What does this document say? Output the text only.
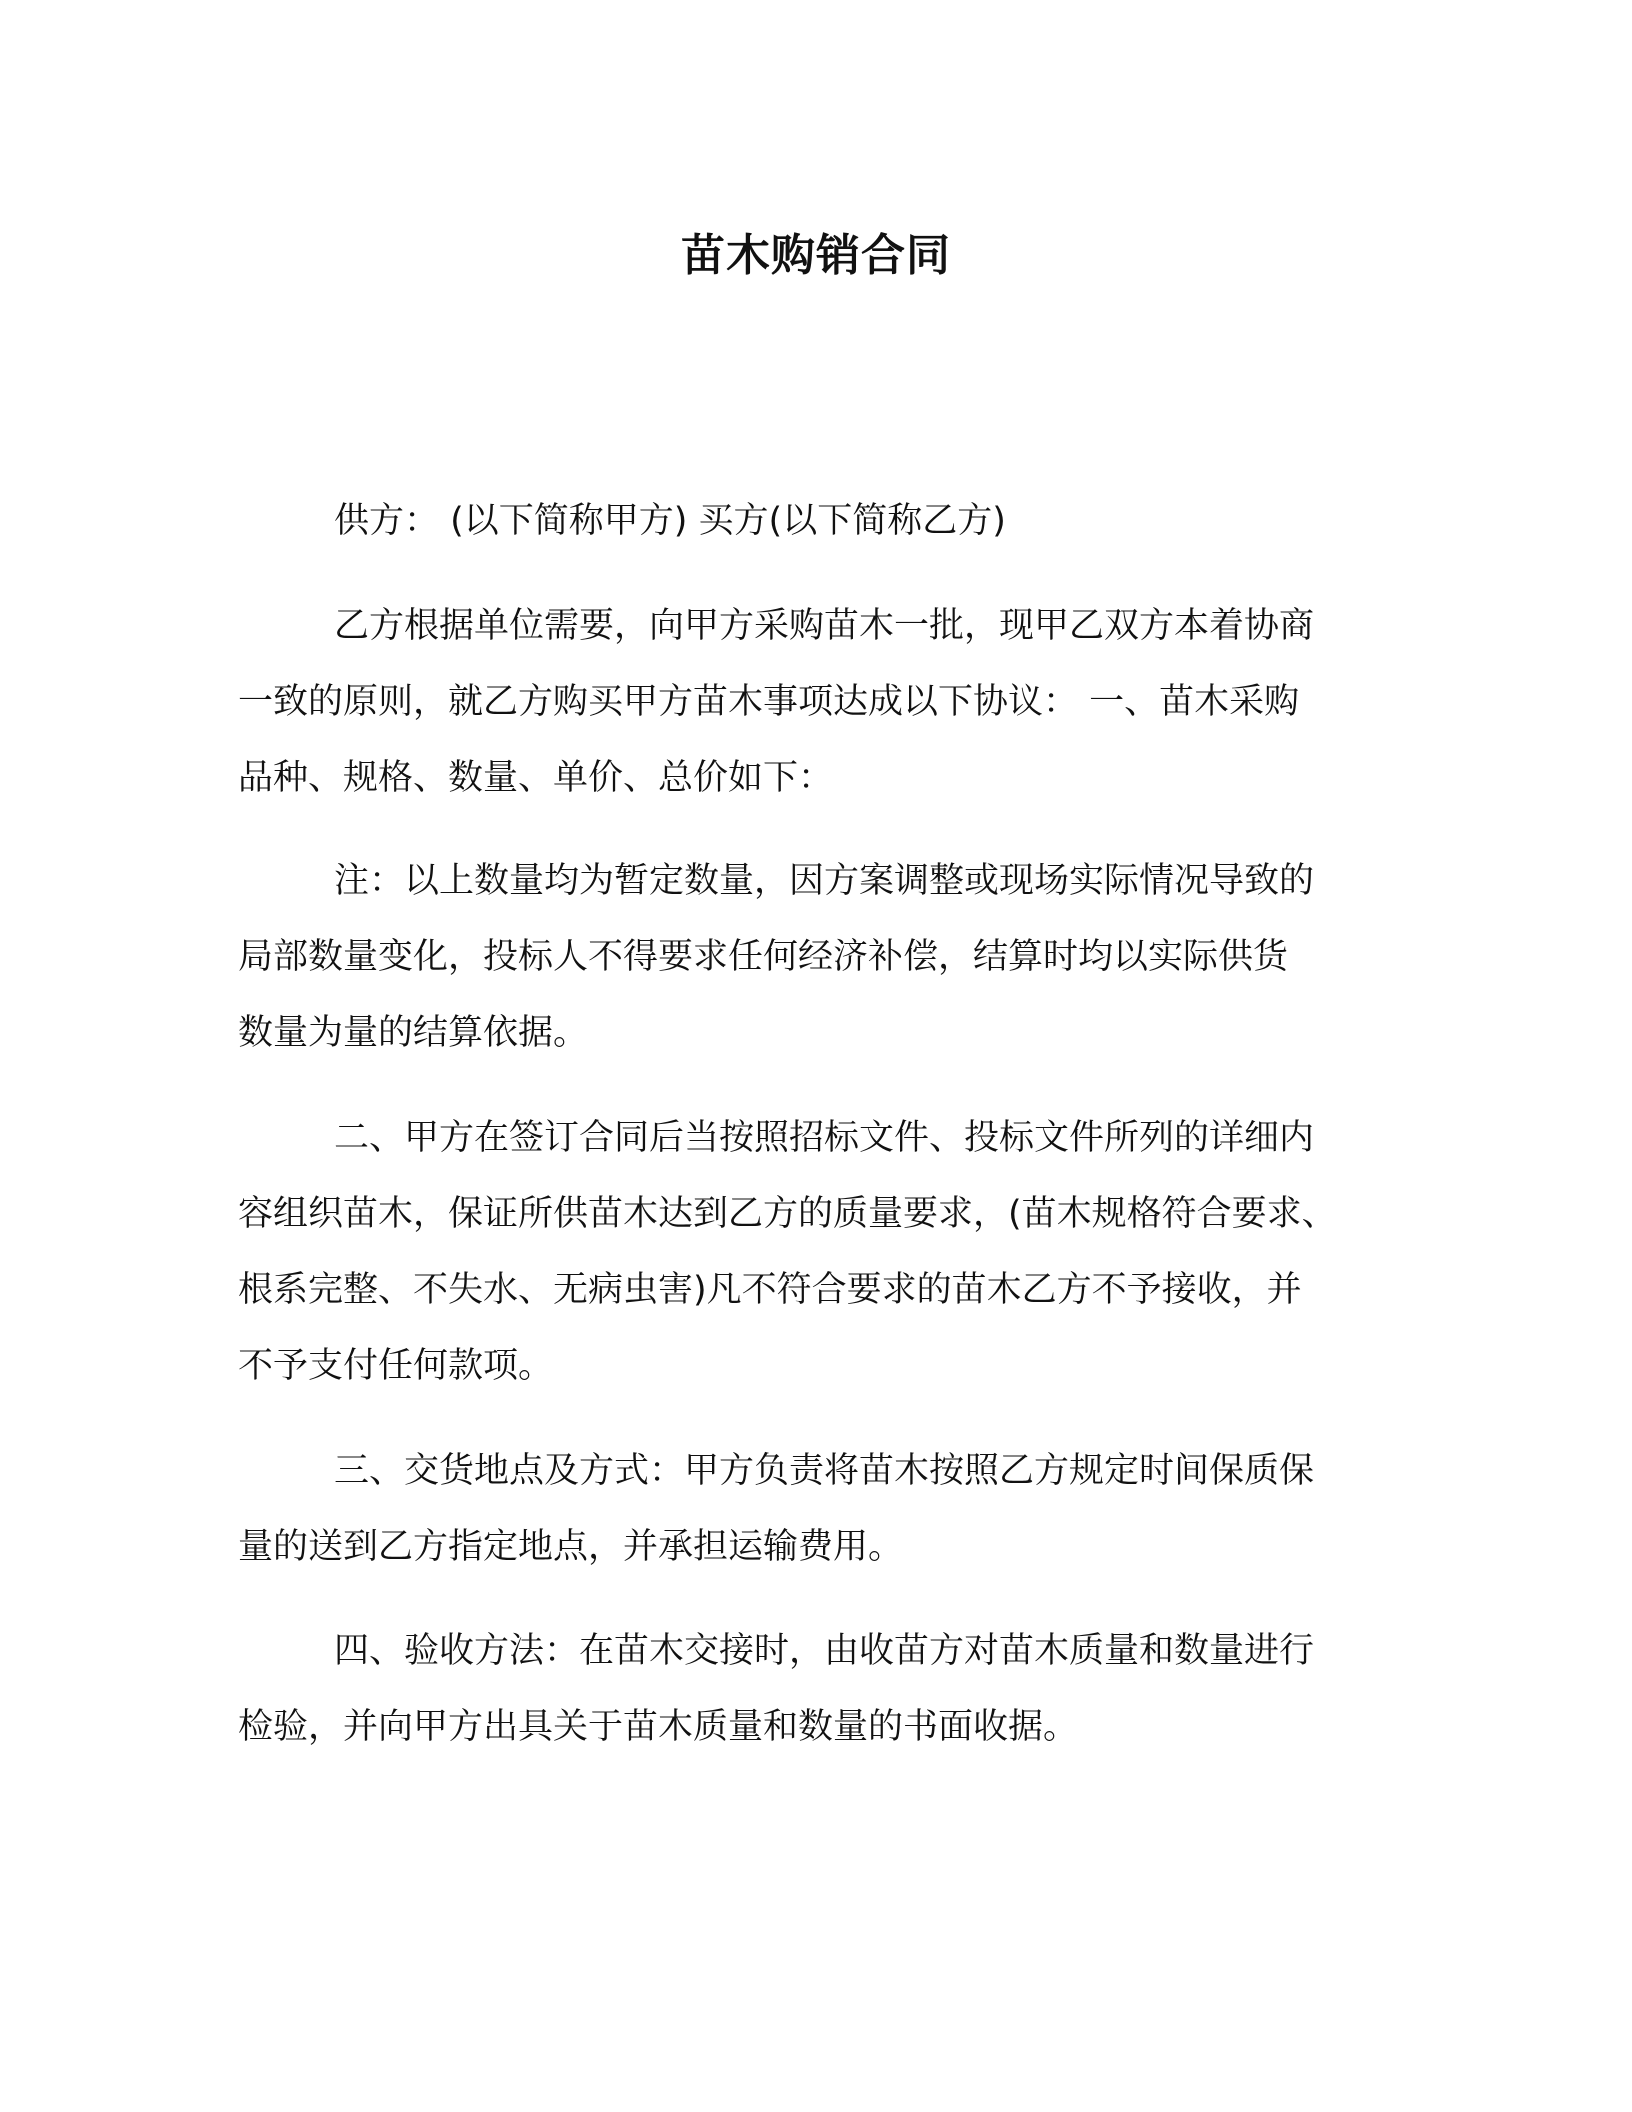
苗木购销合同

供方： (以下简称甲方) 买方(以下简称乙方)

乙方根据单位需要，向甲方采购苗木一批，现甲乙双方本着协商
一致的原则，就乙方购买甲方苗木事项达成以下协议： 一、苗木采购
品种、规格、数量、单价、总价如下：

注：以上数量均为暂定数量，因方案调整或现场实际情况导致的
局部数量变化，投标人不得要求任何经济补偿，结算时均以实际供货
数量为量的结算依据。

二、甲方在签订合同后当按照招标文件、投标文件所列的详细内
容组织苗木，保证所供苗木达到乙方的质量要求，(苗木规格符合要求、
根系完整、不失水、无病虫害)凡不符合要求的苗木乙方不予接收，并
不予支付任何款项。

三、交货地点及方式：甲方负责将苗木按照乙方规定时间保质保
量的送到乙方指定地点，并承担运输费用。

四、验收方法：在苗木交接时，由收苗方对苗木质量和数量进行
检验，并向甲方出具关于苗木质量和数量的书面收据。
